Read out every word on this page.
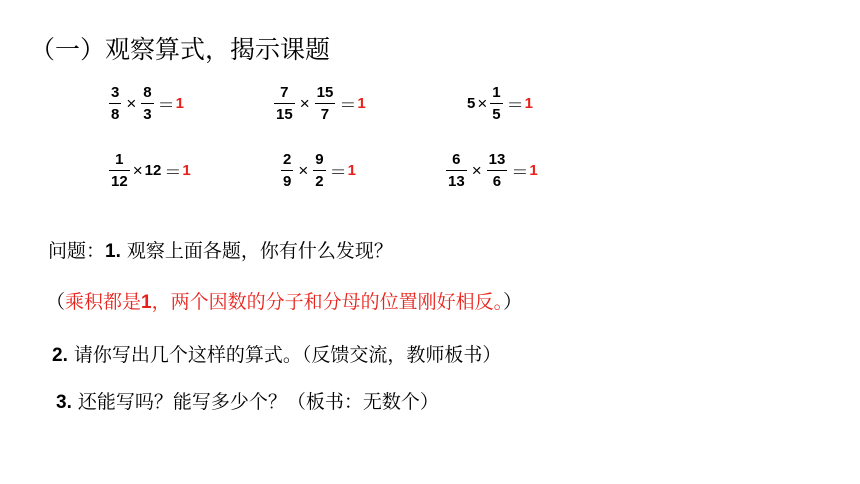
（一）观察算式，揭示课题
$\frac{3}{8} \times \frac{8}{3} = 1$	$\frac{7}{15} \times \frac{15}{7} = 1$	$5 \times \frac{1}{5} = 1$
$\frac{1}{12} \times 12 = 1$	$\frac{2}{9} \times \frac{9}{2} = 1$	$\frac{6}{13} \times \frac{13}{6} = 1$
问题：1. 观察上面各题，你有什么发现？
（乘积都是1，两个因数的分子和分母的位置刚好相反。）
2. 请你写出几个这样的算式。（反馈交流，教师板书）
3. 还能写吗？能写多少个？（板书：无数个）
